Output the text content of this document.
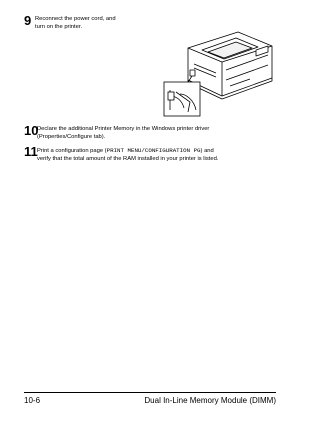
9 Reconnect the power cord, and
turn on the printer.
10
Declare the additional Printer Memory in the Windows printer driver
(Properties/Configure tab).
11 Print a configuration page (PRINT MENU/CONFIGURATION PG) and
verify that the total amount of the RAM installed in your printer is listed.
10-6	Dual In-Line Memory Module (DIMM)
